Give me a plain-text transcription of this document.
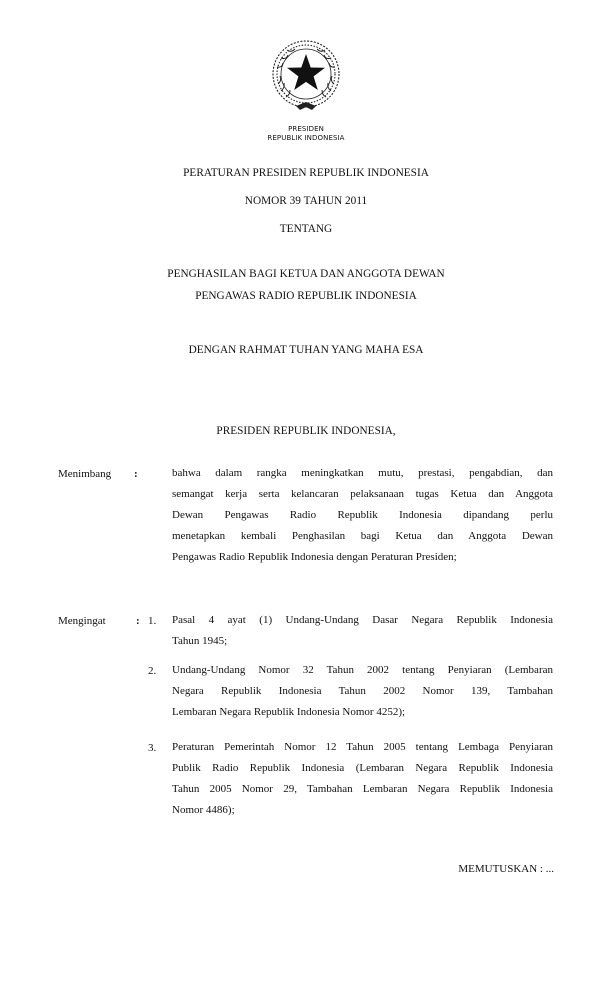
PRESIDEN
REPUBLIK INDONESIA
PERATURAN PRESIDEN REPUBLIK INDONESIA
NOMOR 39 TAHUN 2011
TENTANG
PENGHASILAN BAGI KETUA DAN ANGGOTA DEWAN
PENGAWAS RADIO REPUBLIK INDONESIA
DENGAN RAHMAT TUHAN YANG MAHA ESA
PRESIDEN REPUBLIK INDONESIA,
Menimbang :	bahwa dalam rangka meningkatkan mutu, prestasi, pengabdian, dan
semangat kerja serta kelancaran pelaksanaan tugas Ketua dan Anggota
Dewan Pengawas Radio Republik Indonesia dipandang perlu
menetapkan kembali Penghasilan bagi Ketua dan Anggota Dewan
Pengawas Radio Republik Indonesia dengan Peraturan Presiden;
Mengingat	: 1. Pasal 4 ayat (1) Undang-Undang Dasar Negara Republik Indonesia
Tahun 1945;
2. Undang-Undang Nomor 32 Tahun 2002 tentang Penyiaran (Lembaran
Negara Republik Indonesia Tahun 2002 Nomor 139, Tambahan
Lembaran Negara Republik Indonesia Nomor 4252);
3. Peraturan Pemerintah Nomor 12 Tahun 2005 tentang Lembaga Penyiaran
Publik Radio Republik Indonesia (Lembaran Negara Republik Indonesia
Tahun 2005 Nomor 29, Tambahan Lembaran Negara Republik Indonesia
Nomor 4486);
MEMUTUSKAN : ...
